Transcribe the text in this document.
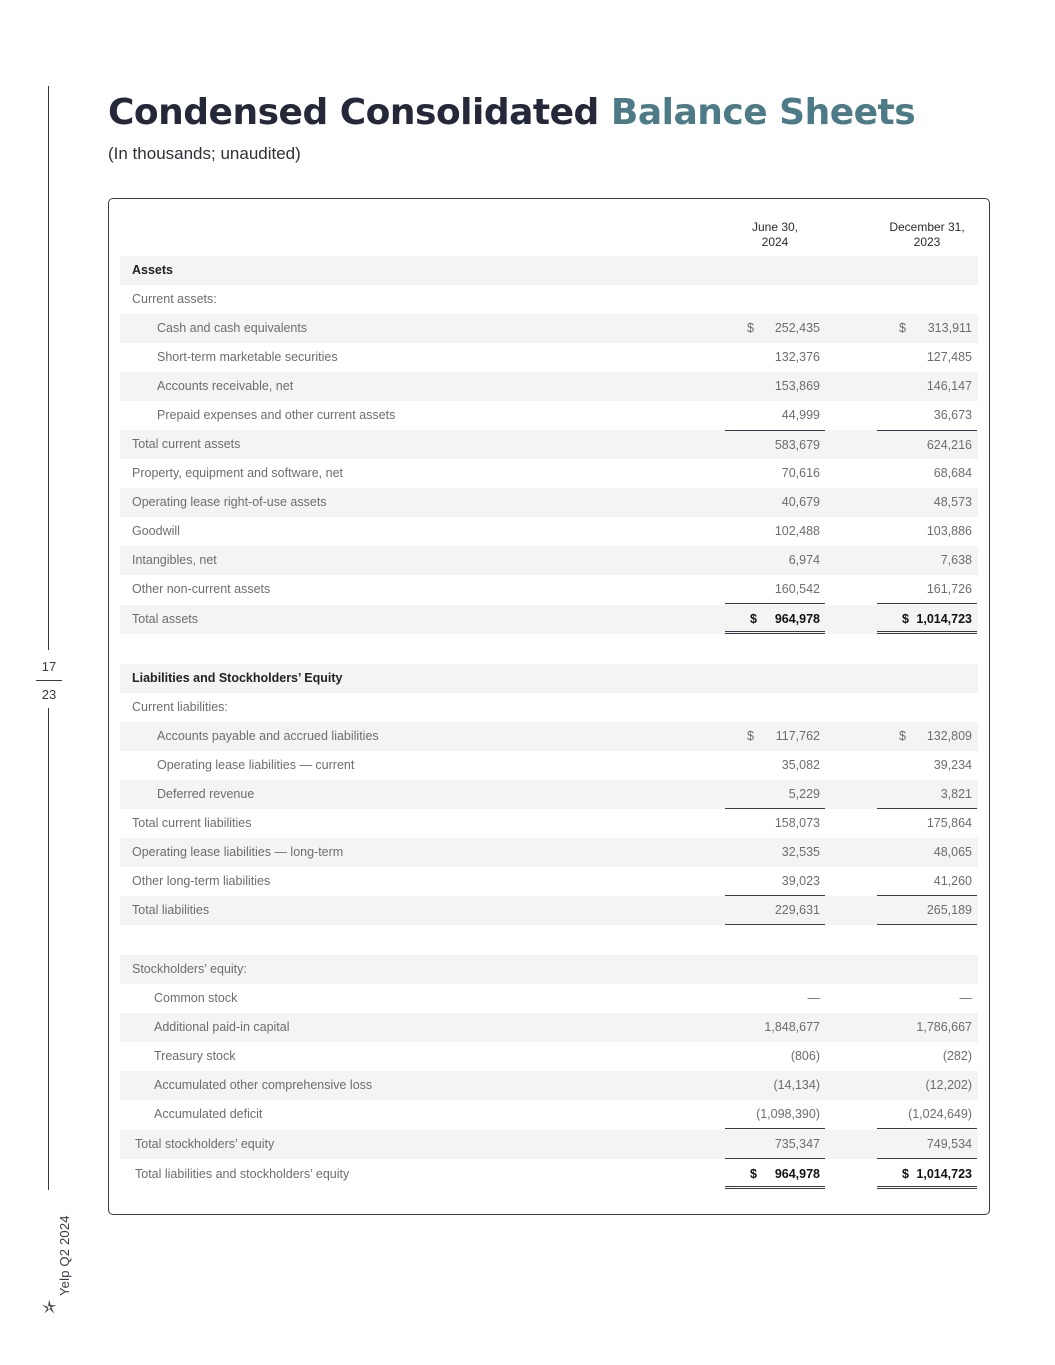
17
23
Yelp Q2 2024
Condensed Consolidated Balance Sheets
(In thousands; unaudited)
June 30,
2024
December 31,
2023
Assets
Current assets:
Cash and cash equivalents	$ 252,435	$ 313,911
Short-term marketable securities	132,376	127,485
Accounts receivable, net	153,869	146,147
Prepaid expenses and other current assets	44,999	36,673
Total current assets	583,679	624,216
Property, equipment and software, net	70,616	68,684
Operating lease right-of-use assets	40,679	48,573
Goodwill	102,488	103,886
Intangibles, net	6,974	7,638
Other non-current assets	160,542	161,726
Total assets	$ 964,978	$ 1,014,723
Liabilities and Stockholders’ Equity
Current liabilities:
Accounts payable and accrued liabilities	$ 117,762	$ 132,809
Operating lease liabilities — current	35,082	39,234
Deferred revenue	5,229	3,821
Total current liabilities	158,073	175,864
Operating lease liabilities — long-term	32,535	48,065
Other long-term liabilities	39,023	41,260
Total liabilities	229,631	265,189
Stockholders’ equity:
Common stock	—	—
Additional paid-in capital	1,848,677	1,786,667
Treasury stock	(806)	(282)
Accumulated other comprehensive loss	(14,134)	(12,202)
Accumulated deficit	(1,098,390)	(1,024,649)
Total stockholders’ equity	735,347	749,534
Total liabilities and stockholders’ equity	$ 964,978	$ 1,014,723
